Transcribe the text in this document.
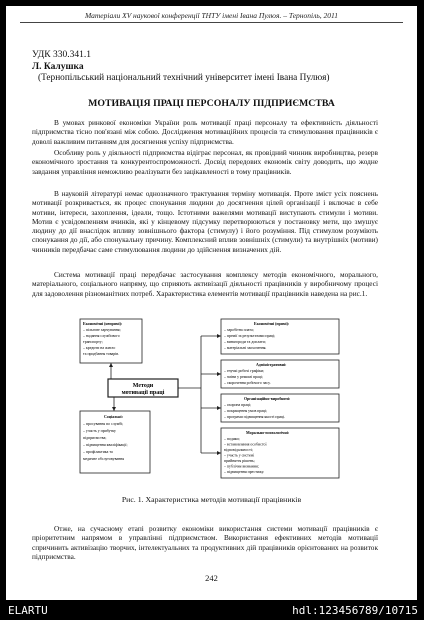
Матеріали XV наукової конференції ТНТУ імені Івана Пулюя. – Тернопіль, 2011
УДК 330.341.1
Л. Калушка
(Тернопільський національний технічний університет імені Івана Пулюя)
МОТИВАЦІЯ ПРАЦІ ПЕРСОНАЛУ ПІДПРИЄМСТВА
В умовах ринкової економіки України роль мотивації праці персоналу та ефективність діяльності підприємства тісно пов'язані між собою. Дослідження мотиваційних процесів та стимулювання працівників є доволі важливим питанням для досягнення успіху підприємства.
Особливу роль у діяльності підприємства відіграє персонал, як провідний чинник виробництва, резерв економічного зростання та конкурентоспроможності. Досвід передових економік світу доводить, що жодне завдання управління неможливо реалізувати без зацікавленості в тому працівників.
В науковій літературі немає однозначного трактування терміну мотивація. Проте зміст усіх пояснень мотивації розкривається, як процес спонукання людини до досягнення цілей організації і включає в себе мотиви, інтереси, захоплення, ідеали, тощо. Істотними важелями мотивації виступають стимули і мотиви. Мотив є усвідомленням вчинків, які у кінцевому підсумку перетворюються у постановку мети, що змушує людину до дії внаслідок впливу зовнішнього фактора (стимулу) і його розуміння. Під стимулом розуміють спонукання до дії, або спонукальну причину. Комплексний вплив зовнішніх (стимули) та внутрішніх (мотиви) чинників передбачає саме стимулювання людини до здійснення визначених дій.
Система мотивації праці передбачає застосування комплексу методів економічного, морального, матеріального, соціального напряму, що сприяють активізації діяльності працівників у виробничому процесі для задоволення різноманітних потреб. Характеристика елементів мотивації працівників наведена на рис.1.
Методи
мотивації праці
Економічні (непрямі):
– пільгове харчування;
– надання службового
транспорту;
– кредити на житло
та придбання товарів.
Соціальні:
– просування по службі;
– участь у прибутку
підприємства;
– підвищення кваліфікації;
– профілактика та
медичне обслуговування
Економічні (прямі):
– заробітна плата;
– премії за результатами праці;
– винагороди та доплати;
– матеріальні заохочення.
Адміністративні:
– гнучкі робочі графіки;
– зміни у режимі праці;
– скорочення робочого часу.
Організаційно-виробничі:
– охорона праці;
– покращення умов праці;
– програми підвищення якості праці.
Морально-психологічні:
– подяки;
– встановлення особистої
відповідальності;
– участь у системі
прийняття рішень;
– публічне визнання;
– підвищення престижу.
Рис. 1. Характеристика методів мотивації працівників
Отже, на сучасному етапі розвитку економіки використання системи мотивації працівників є пріоритетним напрямом в управлінні підприємством. Використання ефективних методів мотивації спричинить активізацію творчих, інтелектуальних та продуктивних дій працівників орієнтованих на розвиток підприємства.
242
ELARTU	hdl:123456789/10715
